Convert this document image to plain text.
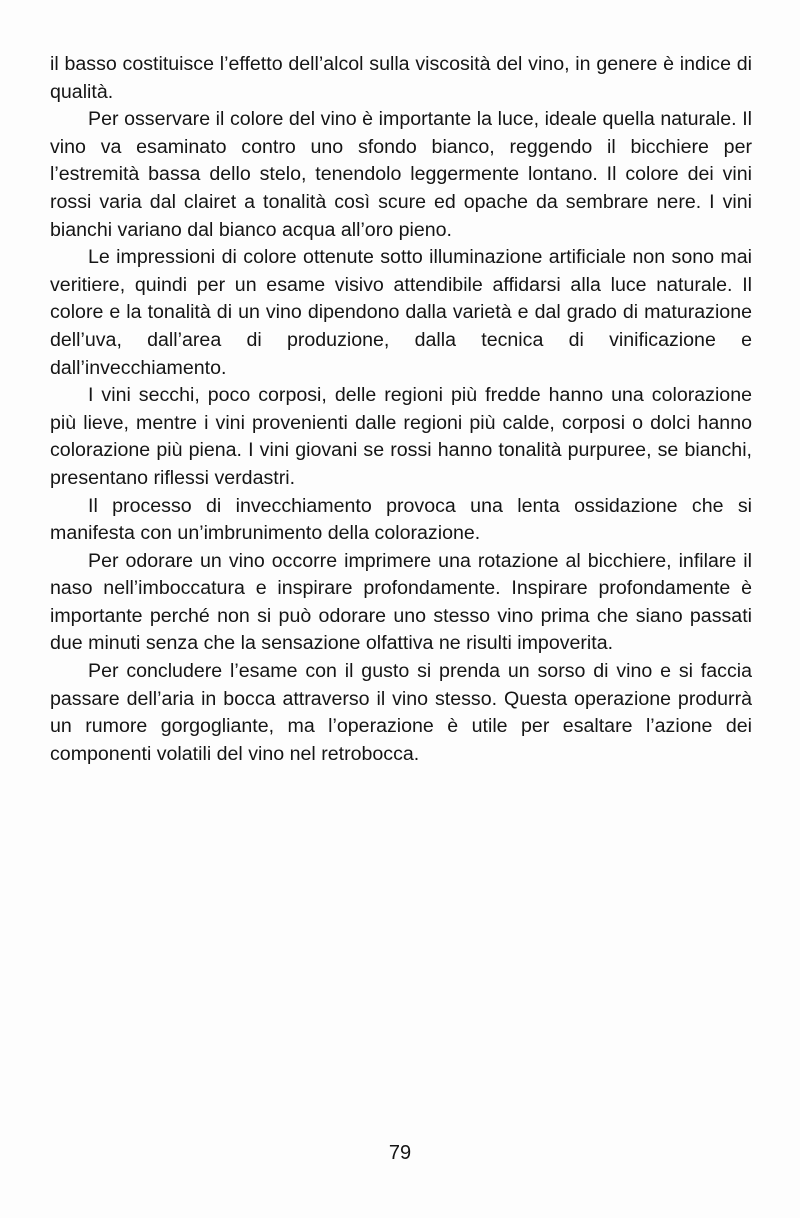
il basso costituisce l’effetto dell’alcol sulla viscosità del vino, in genere è indice di qualità.

Per osservare il colore del vino è importante la luce, ideale quella naturale. Il vino va esaminato contro uno sfondo bianco, reggendo il bicchiere per l’estremità bassa dello stelo, tenendolo leggermente lontano. Il colore dei vini rossi varia dal clairet a tonalità così scure ed opache da sembrare nere. I vini bianchi variano dal bianco acqua all’oro pieno.

Le impressioni di colore ottenute sotto illuminazione artificiale non sono mai veritiere, quindi per un esame visivo attendibile affidarsi alla luce naturale. Il colore e la tonalità di un vino dipendono dalla varietà e dal grado di maturazione dell’uva, dall’area di produzione, dalla tecnica di vinificazione e dall’invecchiamento.

I vini secchi, poco corposi, delle regioni più fredde hanno una colorazione più lieve, mentre i vini provenienti dalle regioni più calde, corposi o dolci hanno colorazione più piena. I vini giovani se rossi hanno tonalità purpuree, se bianchi, presentano riflessi verdastri.

Il processo di invecchiamento provoca una lenta ossidazione che si manifesta con un’imbrunimento della colorazione.

Per odorare un vino occorre imprimere una rotazione al bicchiere, infilare il naso nell’imboccatura e inspirare profondamente. Inspirare profondamente è importante perché non si può odorare uno stesso vino prima che siano passati due minuti senza che la sensazione olfattiva ne risulti impoverita.

Per concludere l’esame con il gusto si prenda un sorso di vino e si faccia passare dell’aria in bocca attraverso il vino stesso. Questa operazione produrrà un rumore gorgogliante, ma l’operazione è utile per esaltare l’azione dei componenti volatili del vino nel retrobocca.

79
